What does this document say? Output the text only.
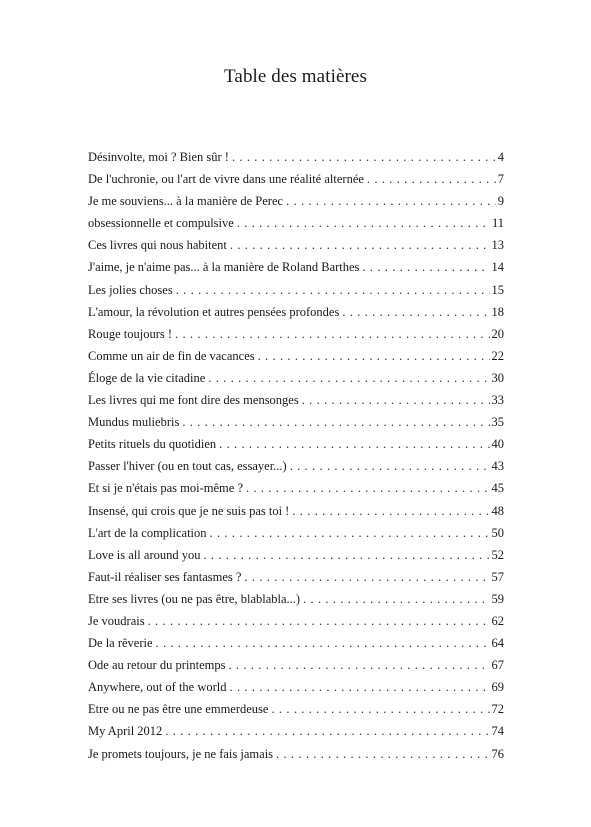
Table des matières
Désinvolte, moi ? Bien sûr ! . . .	4
De l'uchronie, ou l'art de vivre dans une réalité alternée . . .	7
Je me souviens... à la manière de Perec . . .	9
obsessionnelle et compulsive . . .	11
Ces livres qui nous habitent . . .	13
J'aime, je n'aime pas... à la manière de Roland Barthes . . .	14
Les jolies choses . . .	15
L'amour, la révolution et autres pensées profondes . . .	18
Rouge toujours ! . . .	20
Comme un air de fin de vacances . . .	22
Éloge de la vie citadine . . .	30
Les livres qui me font dire des mensonges . . .	33
Mundus muliebris . . .	35
Petits rituels du quotidien . . .	40
Passer l'hiver (ou en tout cas, essayer...) . . .	43
Et si je n'étais pas moi-même ? . . .	45
Insensé, qui crois que je ne suis pas toi ! . . .	48
L'art de la complication . . .	50
Love is all around you . . .	52
Faut-il réaliser ses fantasmes ? . . .	57
Etre ses livres (ou ne pas être, blablabla...) . . .	59
Je voudrais . . .	62
De la rêverie . . .	64
Ode au retour du printemps . . .	67
Anywhere, out of the world . . .	69
Etre ou ne pas être une emmerdeuse . . .	72
My April 2012 . . .	74
Je promets toujours, je ne fais jamais . . .	76
